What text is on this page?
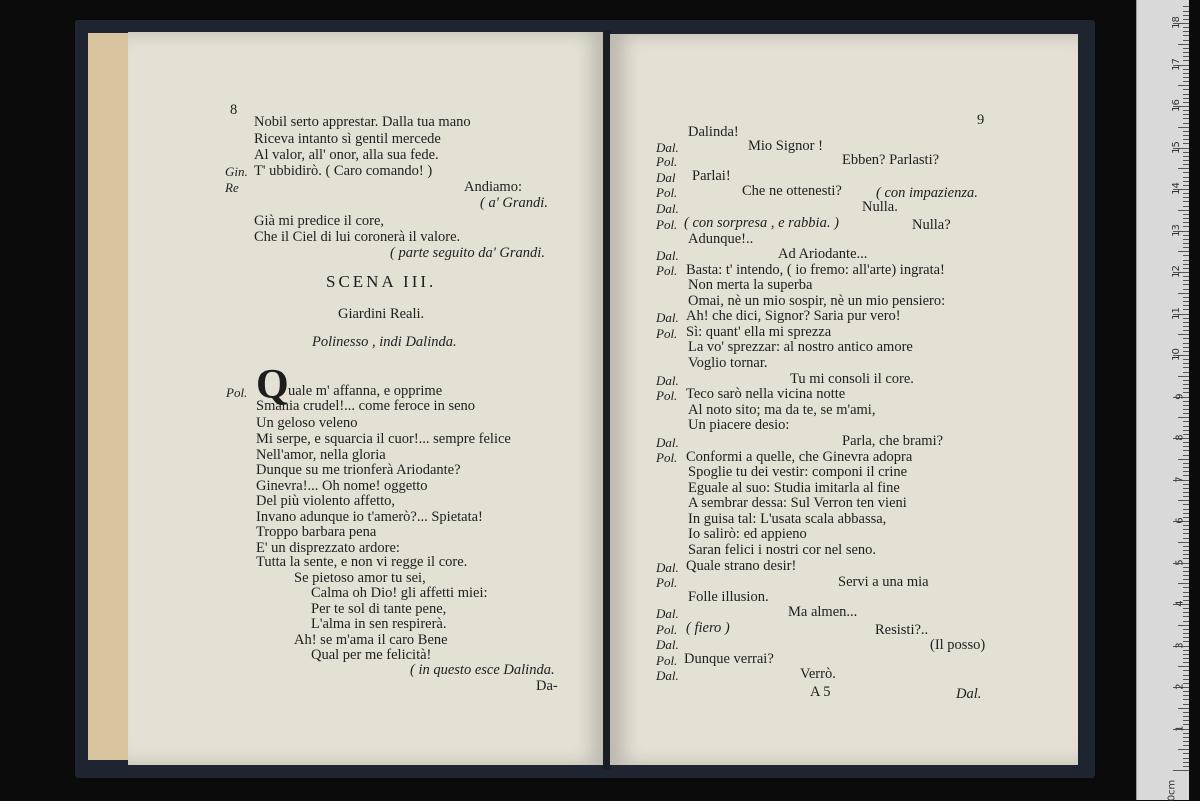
8
Nobil serto apprestar. Dalla tua mano
Riceva intanto sì gentil mercede
Al valor, all' onor, alla sua fede.
Gin. T' ubbidirò. ( Caro comando! )
Re	Andiamo:
( a' Grandi.
Già mi predice il core,
Che il Ciel di lui coronerà il valore.
( parte seguito da' Grandi.
SCENA III.
Giardini Reali.
Polinesso , indi Dalinda.
Pol. Q uale m' affanna, e opprime
Smania crudel!... come feroce in seno
Un geloso veleno
Mi serpe, e squarcia il cuor!... sempre felice
Nell'amor, nella gloria
Dunque su me trionferà Ariodante?
Ginevra!... Oh nome! oggetto
Del più violento affetto,
Invano adunque io t'amerò?... Spietata!
Troppo barbara pena
E' un disprezzato ardore:
Tutta la sente, e non vi regge il core.
Se pietoso amor tu sei,
Calma oh Dio! gli affetti miei:
Per te sol di tante pene,
L'alma in sen respirerà.
Ah! se m'ama il caro Bene
Qual per me felicità!
( in questo esce Dalinda.
Da-
9
Dalinda!
Dal.	Mio Signor !
Pol.	Ebben? Parlasti?
Dal Parlai!
Pol.	Che ne ottenesti? ( con impazienza.
Dal.	Nulla.
Pol. ( con sorpresa , e rabbia. )	Nulla?
Adunque!..
Dal.	Ad Ariodante...
Pol. Basta: t' intendo, ( io fremo: all'arte) ingrata!
Non merta la superba
Omai, nè un mio sospir, nè un mio pensiero:
Dal. Ah! che dici, Signor? Saria pur vero!
Pol. Sì: quant' ella mi sprezza
La vo' sprezzar: al nostro antico amore
Voglio tornar.
Dal.	Tu mi consoli il core.
Pol. Teco sarò nella vicina notte
Al noto sito; ma da te, se m'ami,
Un piacere desio:
Dal.	Parla, che brami?
Pol. Conformi a quelle, che Ginevra adopra
Spoglie tu dei vestir: componi il crine
Eguale al suo: Studia imitarla al fine
A sembrar dessa: Sul Verron ten vieni
In guisa tal: L'usata scala abbassa,
Io salirò: ed appieno
Saran felici i nostri cor nel seno.
Dal. Quale strano desir!
Pol.	Servi a una mia
Folle illusion.
Dal.	Ma almen...
Pol. ( fiero )	Resisti?..
Dal.	(Il posso)
Pol. Dunque verrai?
Dal.	Verrò.
A 5	Dal.
1
2
3
4
5
6
7
8
9
10
11
12
13
14
15
16
17
18
0cm
